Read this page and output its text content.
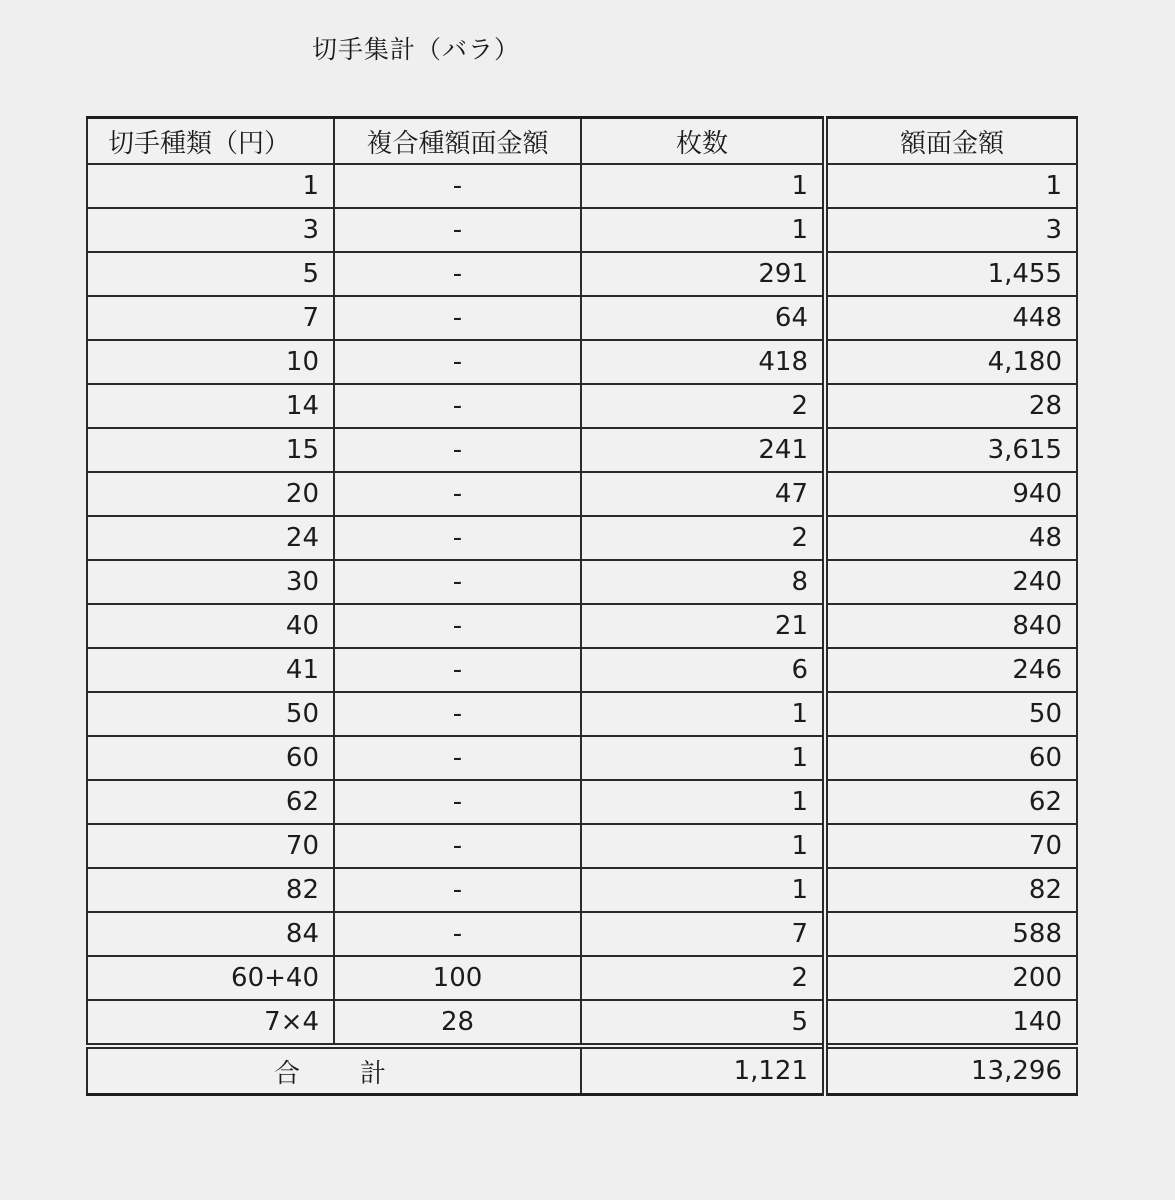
切手集計（バラ）
切手種類（円）	複合種額面金額	枚数	額面金額
1	-	1	1
3	-	1	3
5	-	291	1,455
7	-	64	448
10	-	418	4,180
14	-	2	28
15	-	241	3,615
20	-	47	940
24	-	2	48
30	-	8	240
40	-	21	840
41	-	6	246
50	-	1	50
60	-	1	60
62	-	1	62
70	-	1	70
82	-	1	82
84	-	7	588
60+40	100	2	200
7×4	28	5	140
合 計		1,121	13,296
